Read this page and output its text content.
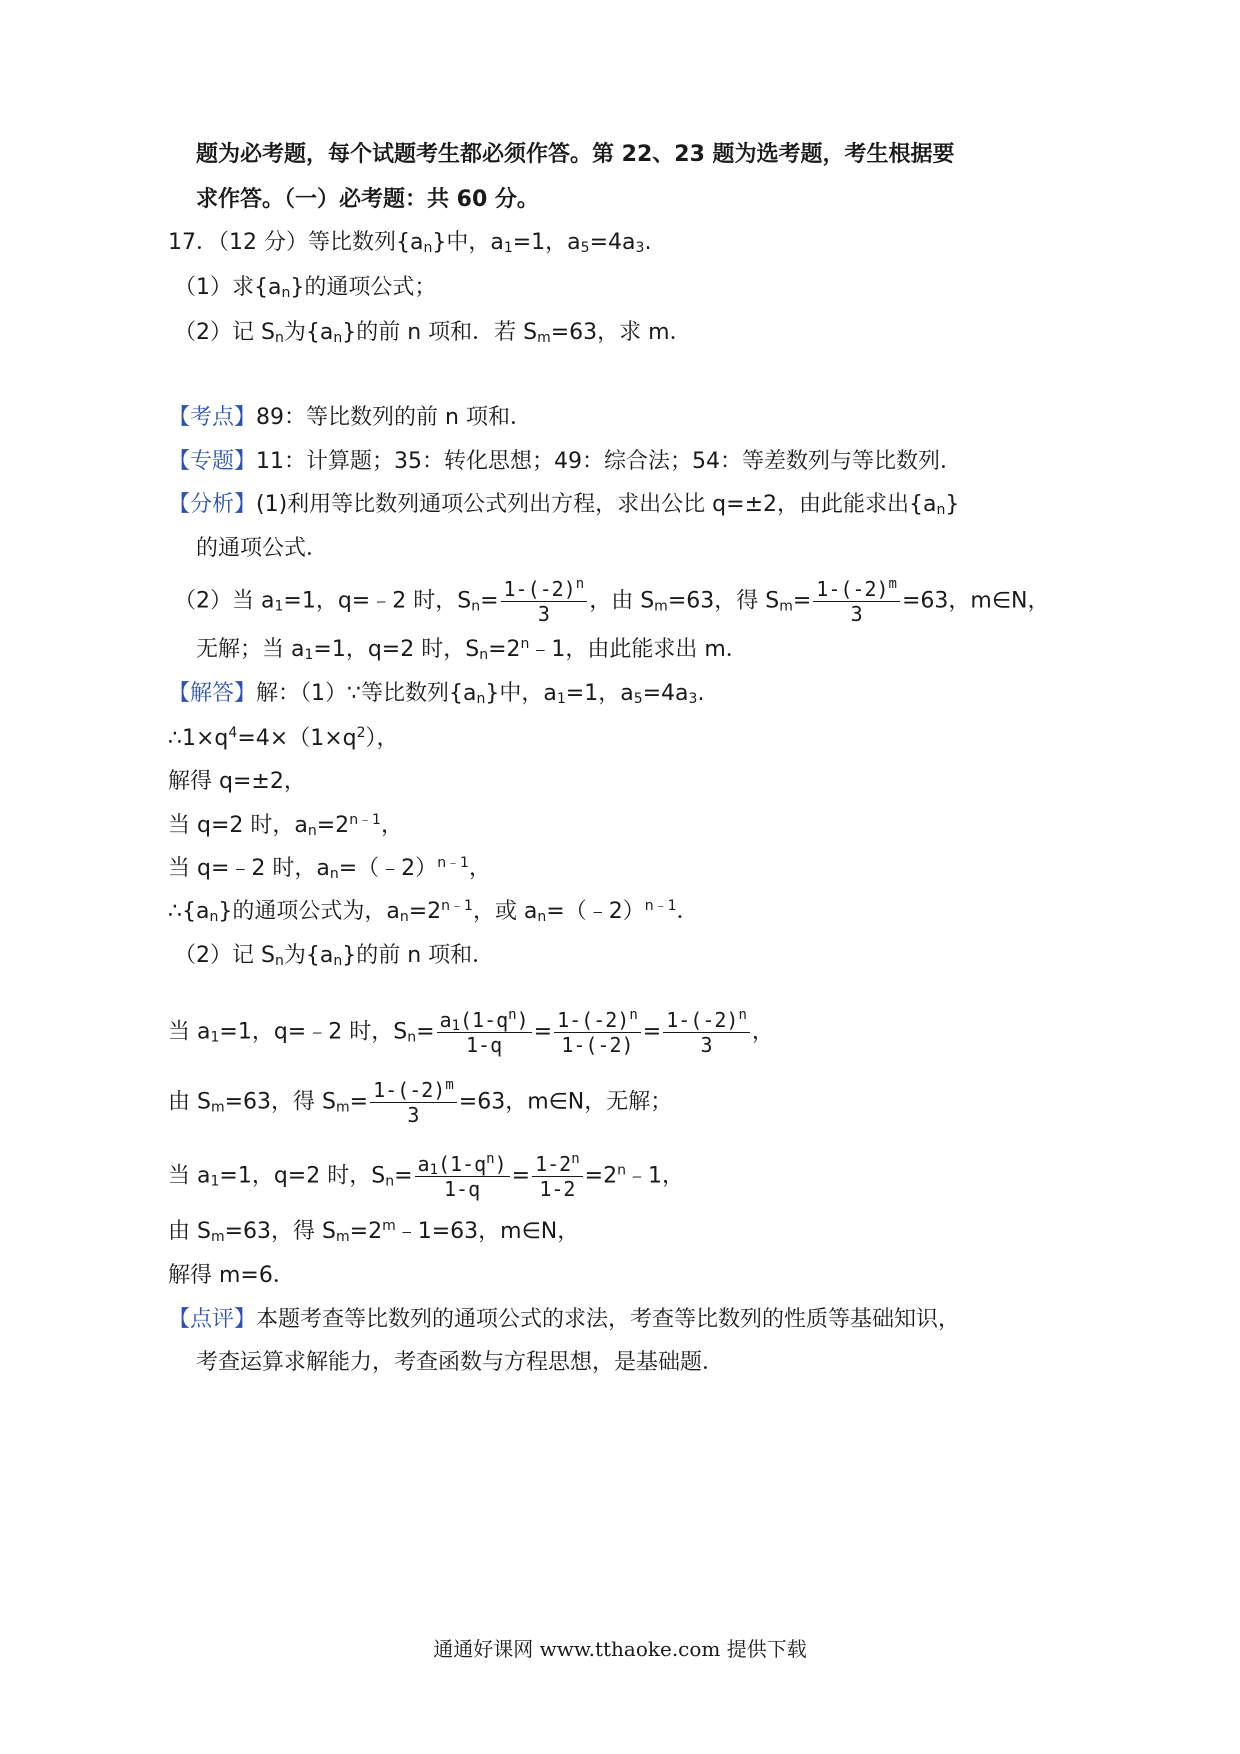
题为必考题，每个试题考生都必须作答。第 22、23 题为选考题，考生根据要
求作答。（一）必考题：共 60 分。
17．（12 分）等比数列$\{a_n\}$中，$a_1=1$，$a_5=4a_3$.
（1）求$\{a_n\}$的通项公式；
（2）记 $S_n$为$\{a_n\}$的前 n 项和．若 $S_m=63$，求 m．
【考点】89：等比数列的前 n 项和．
【专题】11：计算题；35：转化思想；49：综合法；54：等差数列与等比数列．
【分析】(1)利用等比数列通项公式列出方程，求出公比 q=±2，由此能求出$\{a_n\}$
的通项公式．
（2）当 $a_1=1$，q=﹣2 时，$S_n= \frac{1-(-2)^n}{3}$ ，由 $S_m=63$，得 $S_m= \frac{1-(-2)^m}{3} =63$，m∈N，
无解；当 $a_1=1$，q=2 时，$S_n=2^n﹣1$，由此能求出 m．
【解答】解：（1）∵等比数列$\{a_n\}$中，$a_1=1$，$a_5=4a_3$.
$\therefore 1\times q^4=4\times(1\times q^2)$，
解得 q=±2，
当 q=2 时，$a_n=2^{n﹣1}$，
当 q=﹣2 时，$a_n=(﹣2)^{n﹣1}$，
$\therefore\{a_n\}$的通项公式为，$a_n=2^{n﹣1}$，或 $a_n=(﹣2)^{n﹣1}$．
（2）记 $S_n$为$\{a_n\}$的前 n 项和．
当 $a_1=1$，q=﹣2 时，$S_n= \frac{a_1(1-q^n)}{1-q} = \frac{1-(-2)^n}{1-(-2)} = \frac{1-(-2)^n}{3}$ ，
由 $S_m=63$，得 $S_m= \frac{1-(-2)^m}{3} =63$，m∈N，无解；
当 $a_1=1$，q=2 时，$S_n= \frac{a_1(1-q^n)}{1-q} = \frac{1-2^n}{1-2}$ $=2^n﹣1$，
由 $S_m=63$，得 $S_m=2^m﹣1=63$，m∈N，
解得 m=6．
【点评】本题考查等比数列的通项公式的求法，考查等比数列的性质等基础知识，
考查运算求解能力，考查函数与方程思想，是基础题．
通通好课网 www.tthaoke.com 提供下载
